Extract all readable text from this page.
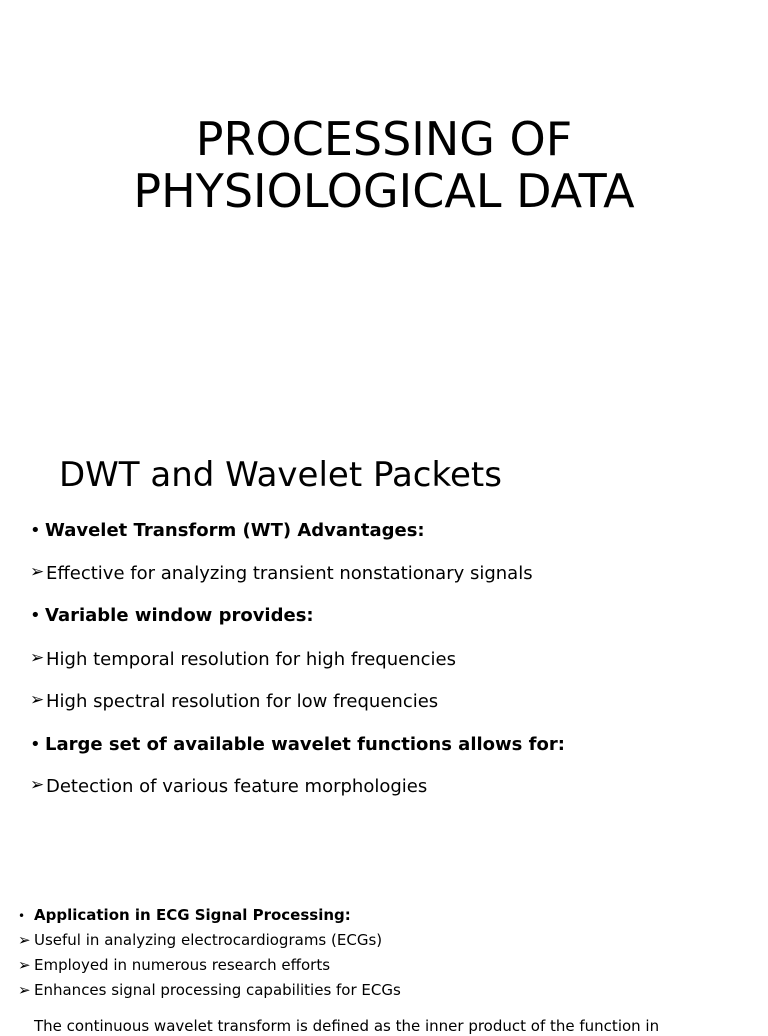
PROCESSING OF
PHYSIOLOGICAL DATA
DWT and Wavelet Packets
• Wavelet Transform (WT) Advantages:
➢Effective for analyzing transient nonstationary signals
• Variable window provides:
➢High temporal resolution for high frequencies
➢High spectral resolution for low frequencies
• Large set of available wavelet functions allows for:
➢Detection of various feature morphologies
• Application in ECG Signal Processing:
➢ Useful in analyzing electrocardiograms (ECGs)
➢ Employed in numerous research efforts
➢ Enhances signal processing capabilities for ECGs
The continuous wavelet transform is defined as the inner product of the function in
